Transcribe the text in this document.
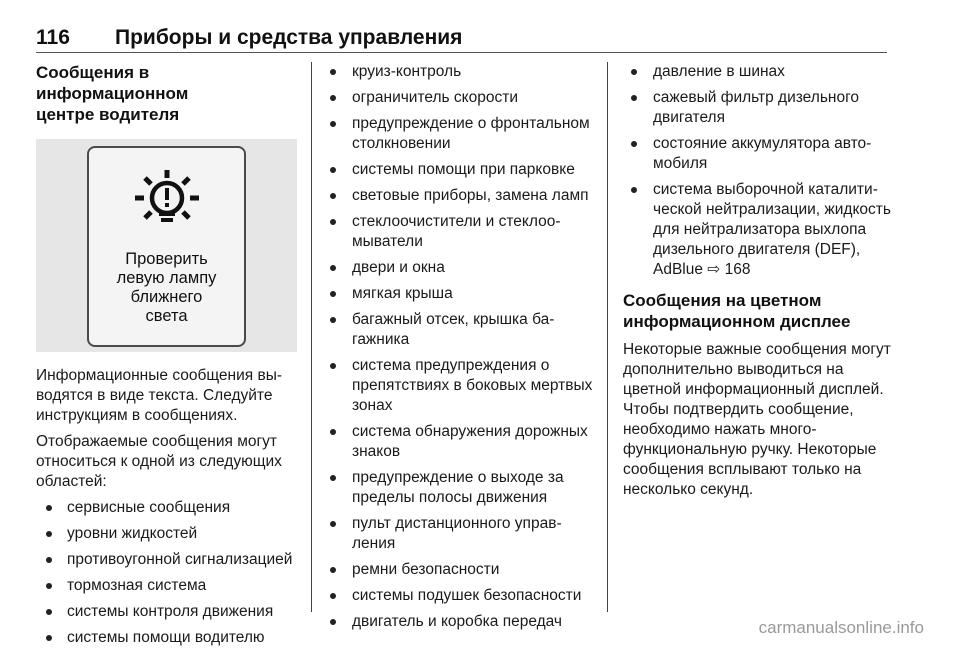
116	Приборы и средства управления
Сообщения в информационном
центре водителя
Проверить
левую лампу
ближнего
света

Информационные сообщения выводятся в виде текста. Следуйте инструкциям в сообщениях.

Отображаемые сообщения могут относиться к одной из следующих областей:

сервисные сообщения
уровни жидкостей
противоугонной сигнализацией
тормозная система
системы контроля движения
системы помощи водителю
круиз-контроль
ограничитель скорости
предупреждение о фронтальном столкновении
системы помощи при парковке
световые приборы, замена ламп
стеклоочистители и стеклоомыватели
двери и окна
мягкая крыша
багажный отсек, крышка багажника
система предупреждения о препятствиях в боковых мертвых зонах
система обнаружения дорожных знаков
предупреждение о выходе за пределы полосы движения
пульт дистанционного управления
ремни безопасности
системы подушек безопасности
двигатель и коробка передач
давление в шинах
сажевый фильтр дизельного двигателя
состояние аккумулятора автомобиля
система выборочной каталитической нейтрализации, жидкость для нейтрализатора выхлопа дизельного двигателя (DEF), AdBlue ⇨ 168
Сообщения на цветном
информационном дисплее

Некоторые важные сообщения могут дополнительно выводиться на цветной информационный дисплей. Чтобы подтвердить сообщение, необходимо нажать многофункциональную ручку. Некоторые сообщения всплывают только на несколько секунд.

carmanualsonline.info
